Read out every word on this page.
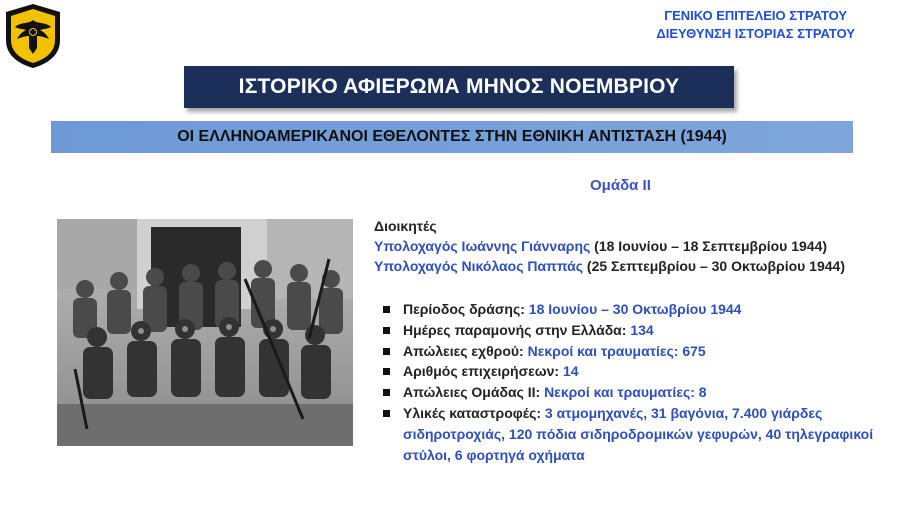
ΓΕΝΙΚΟ ΕΠΙΤΕΛΕΙΟ ΣΤΡΑΤΟΥ
ΔΙΕΥΘΥΝΣΗ ΙΣΤΟΡΙΑΣ ΣΤΡΑΤΟΥ
ΙΣΤΟΡΙΚΟ ΑΦΙΕΡΩΜΑ ΜΗΝΟΣ ΝΟΕΜΒΡΙΟΥ
ΟΙ ΕΛΛΗΝΟΑΜΕΡΙΚΑΝΟΙ ΕΘΕΛΟΝΤΕΣ ΣΤΗΝ ΕΘΝΙΚΗ ΑΝΤΙΣΤΑΣΗ (1944)
Ομάδα ΙΙ
Διοικητές
Υπολοχαγός Ιωάννης Γιάνναρης (18 Ιουνίου – 18 Σεπτεμβρίου 1944)
Υπολοχαγός Νικόλαος Παππάς (25 Σεπτεμβρίου – 30 Οκτωβρίου 1944)
Περίοδος δράσης: 18 Ιουνίου – 30 Οκτωβρίου 1944
Ημέρες παραμονής στην Ελλάδα: 134
Απώλειες εχθρού: Νεκροί και τραυματίες: 675
Αριθμός επιχειρήσεων: 14
Απώλειες Ομάδας ΙΙ: Νεκροί και τραυματίες: 8
Υλικές καταστροφές: 3 ατμομηχανές, 31 βαγόνια, 7.400 γιάρδες σιδηροτροχιάς, 120 πόδια σιδηροδρομικών γεφυρών, 40 τηλεγραφικοί στύλοι, 6 φορτηγά οχήματα
